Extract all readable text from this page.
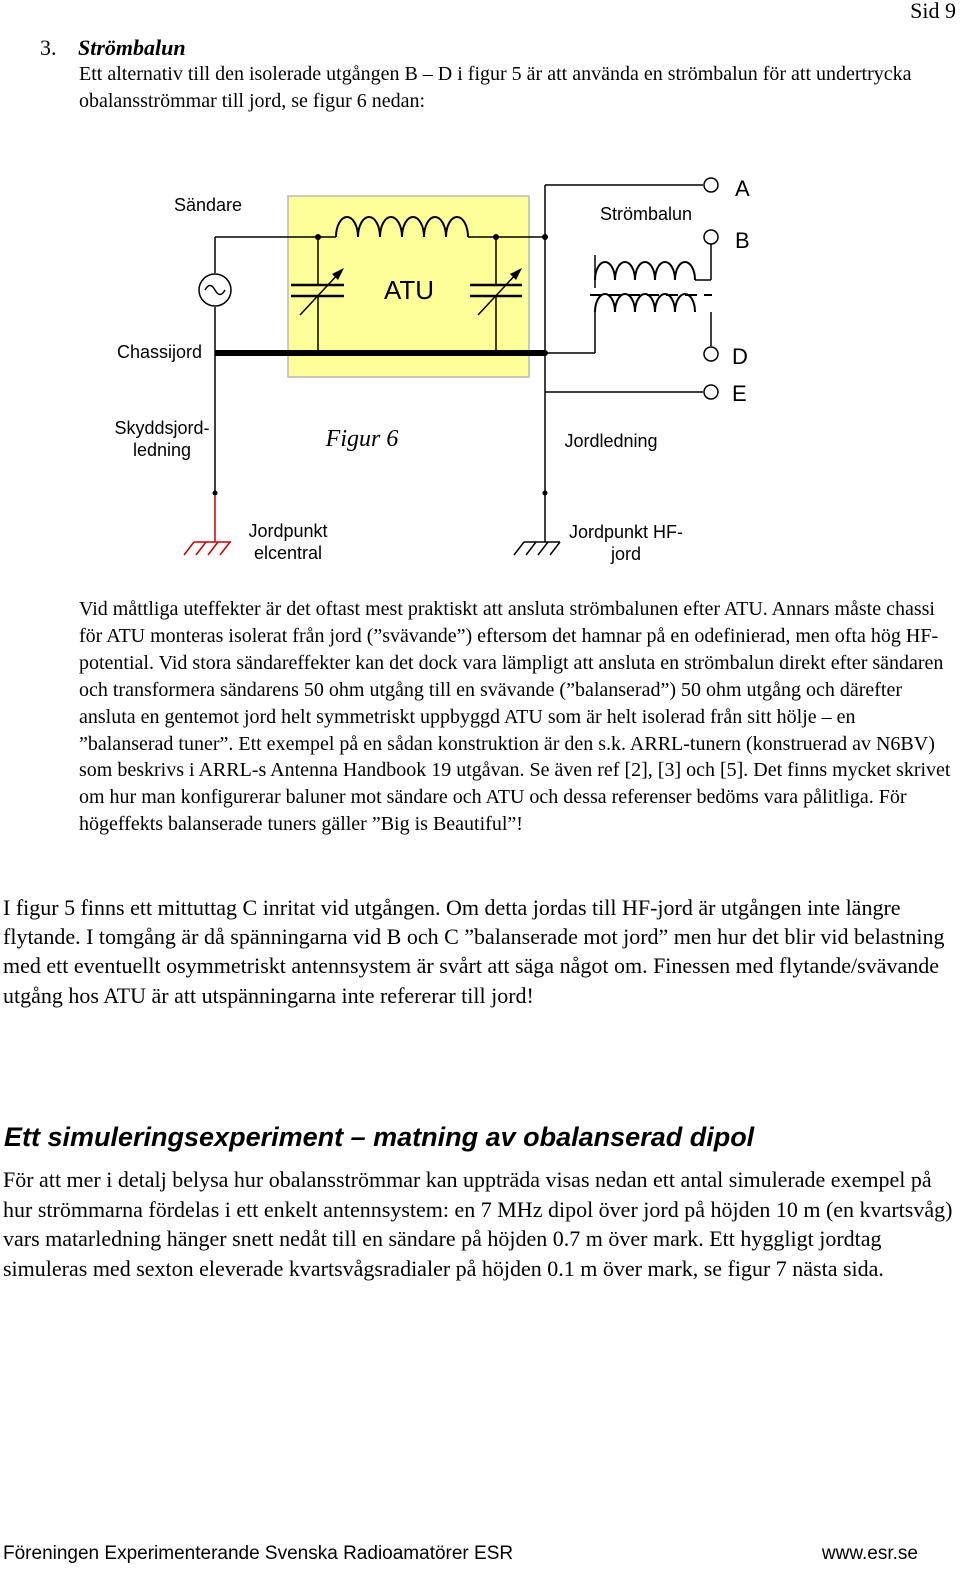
Sid 9
3. Strömbalun
Ett alternativ till den isolerade utgången B – D i figur 5 är att använda en strömbalun för att undertrycka obalansströmmar till jord, se figur 6 nedan:
Sändare	Strömbalun
ATU
Chassijord
Skyddsjord-
ledning	Figur 6	Jordledning
Jordpunkt
elcentral
Jordpunkt HF-
jord
A
B
D
E

Vid måttliga uteffekter är det oftast mest praktiskt att ansluta strömbalunen efter ATU. Annars måste chassi för ATU monteras isolerat från jord (”svävande”) eftersom det hamnar på en odefinierad, men ofta hög HF-potential. Vid stora sändareffekter kan det dock vara lämpligt att ansluta en strömbalun direkt efter sändaren och transformera sändarens 50 ohm utgång till en svävande (”balanserad”) 50 ohm utgång och därefter ansluta en gentemot jord helt symmetriskt uppbyggd ATU som är helt isolerad från sitt hölje – en ”balanserad tuner”. Ett exempel på en sådan konstruktion är den s.k. ARRL-tunern (konstruerad av N6BV) som beskrivs i ARRL-s Antenna Handbook 19 utgåvan. Se även ref [2], [3] och [5]. Det finns mycket skrivet om hur man konfigurerar baluner mot sändare och ATU och dessa referenser bedöms vara pålitliga. För högeffekts balanserade tuners gäller ”Big is Beautiful”!

I figur 5 finns ett mittuttag C inritat vid utgången. Om detta jordas till HF-jord är utgången inte längre flytande. I tomgång är då spänningarna vid B och C ”balanserade mot jord” men hur det blir vid belastning med ett eventuellt osymmetriskt antennsystem är svårt att säga något om. Finessen med flytande/svävande utgång hos ATU är att utspänningarna inte refererar till jord!

Ett simuleringsexperiment – matning av obalanserad dipol

För att mer i detalj belysa hur obalansströmmar kan uppträda visas nedan ett antal simulerade exempel på hur strömmarna fördelas i ett enkelt antennsystem: en 7 MHz dipol över jord på höjden 10 m (en kvartsvåg) vars matarledning hänger snett nedåt till en sändare på höjden 0.7 m över mark. Ett hyggligt jordtag simuleras med sexton eleverade kvartsvågsradialer på höjden 0.1 m över mark, se figur 7 nästa sida.

Föreningen Experimenterande Svenska Radioamatörer ESR	www.esr.se
